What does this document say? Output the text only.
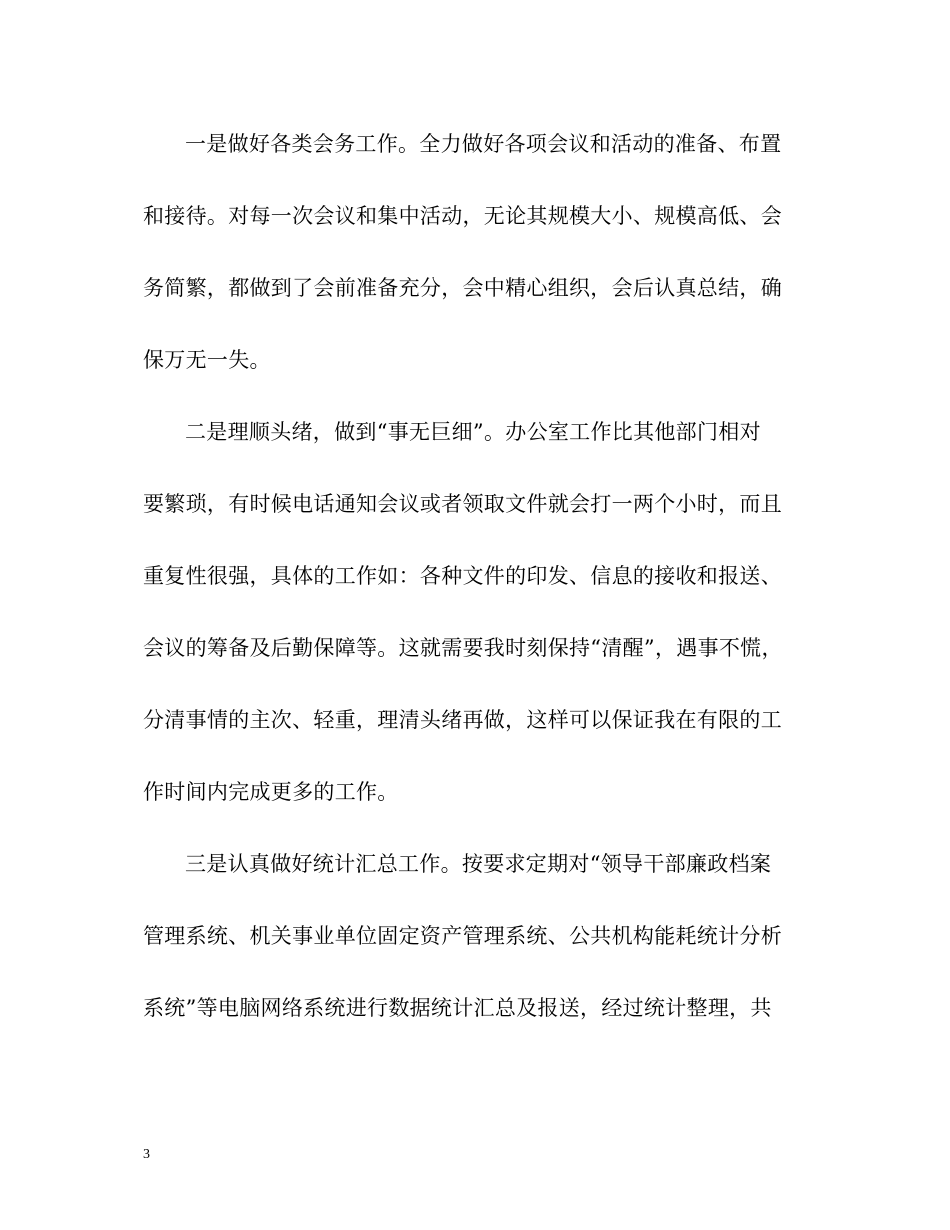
一是做好各类会务工作。全力做好各项会议和活动的准备、布置
和接待。对每一次会议和集中活动，无论其规模大小、规模高低、会
务简繁，都做到了会前准备充分，会中精心组织，会后认真总结，确
保万无一失。

二是理顺头绪，做到“事无巨细”。办公室工作比其他部门相对
要繁琐，有时候电话通知会议或者领取文件就会打一两个小时，而且
重复性很强，具体的工作如：各种文件的印发、信息的接收和报送、
会议的筹备及后勤保障等。这就需要我时刻保持“清醒”，遇事不慌，
分清事情的主次、轻重，理清头绪再做，这样可以保证我在有限的工
作时间内完成更多的工作。

三是认真做好统计汇总工作。按要求定期对“领导干部廉政档案
管理系统、机关事业单位固定资产管理系统、公共机构能耗统计分析
系统”等电脑网络系统进行数据统计汇总及报送，经过统计整理，共

3
